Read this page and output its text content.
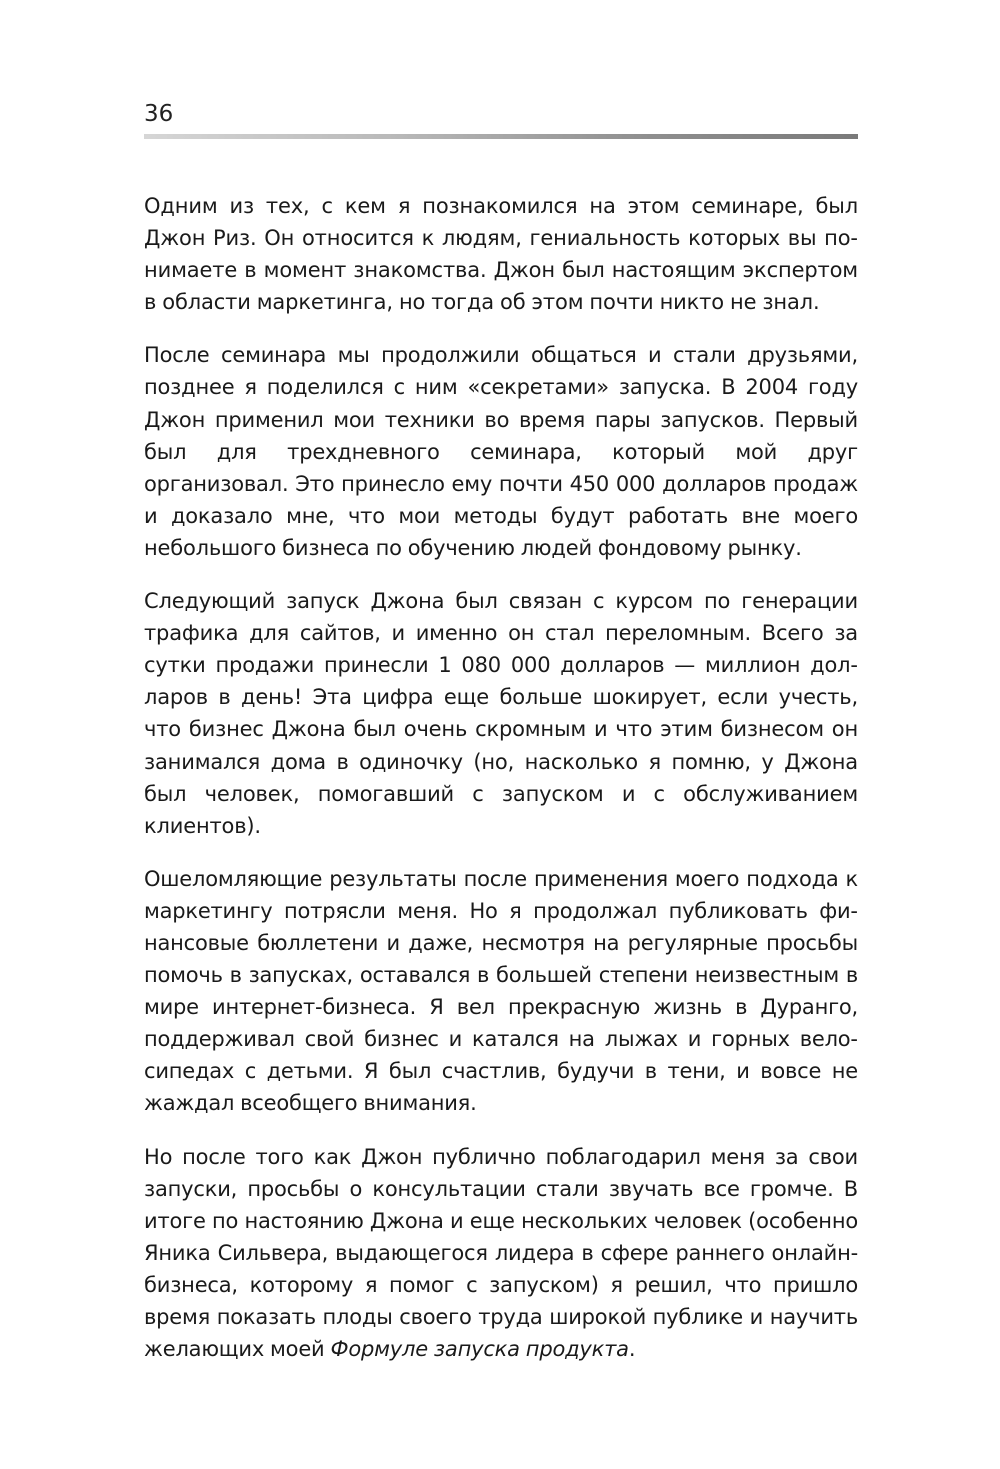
36

Одним из тех, с кем я познакомился на этом семинаре, был Джон Риз. Он относится к людям, гениальность которых вы понимаете в момент знакомства. Джон был настоящим экспертом в области маркетинга, но тогда об этом почти никто не знал.

После семинара мы продолжили общаться и стали друзьями, позднее я поделился с ним «секретами» запуска. В 2004 году Джон применил мои техники во время пары запусков. Первый был для трехдневного семинара, который мой друг организовал. Это принесло ему почти 450 000 долларов продаж и доказало мне, что мои методы будут работать вне моего небольшого бизнеса по обучению людей фондовому рынку.

Следующий запуск Джона был связан с курсом по генерации трафика для сайтов, и именно он стал переломным. Всего за сутки продажи принесли 1 080 000 долларов — миллион долларов в день! Эта цифра еще больше шокирует, если учесть, что бизнес Джона был очень скромным и что этим бизнесом он занимался дома в одиночку (но, насколько я помню, у Джона был человек, помогавший с запуском и с обслуживанием клиентов).

Ошеломляющие результаты после применения моего подхода к маркетингу потрясли меня. Но я продолжал публиковать финансовые бюллетени и даже, несмотря на регулярные просьбы помочь в запусках, оставался в большей степени неизвестным в мире интернет-бизнеса. Я вел прекрасную жизнь в Дуранго, поддерживал свой бизнес и катался на лыжах и горных велосипедах с детьми. Я был счастлив, будучи в тени, и вовсе не жаждал всеобщего внимания.

Но после того как Джон публично поблагодарил меня за свои запуски, просьбы о консультации стали звучать все громче. В итоге по настоянию Джона и еще нескольких человек (особенно Яника Сильвера, выдающегося лидера в сфере раннего онлайн-бизнеса, которому я помог с запуском) я решил, что пришло время показать плоды своего труда широкой публике и научить желающих моей Формуле запуска продукта.
